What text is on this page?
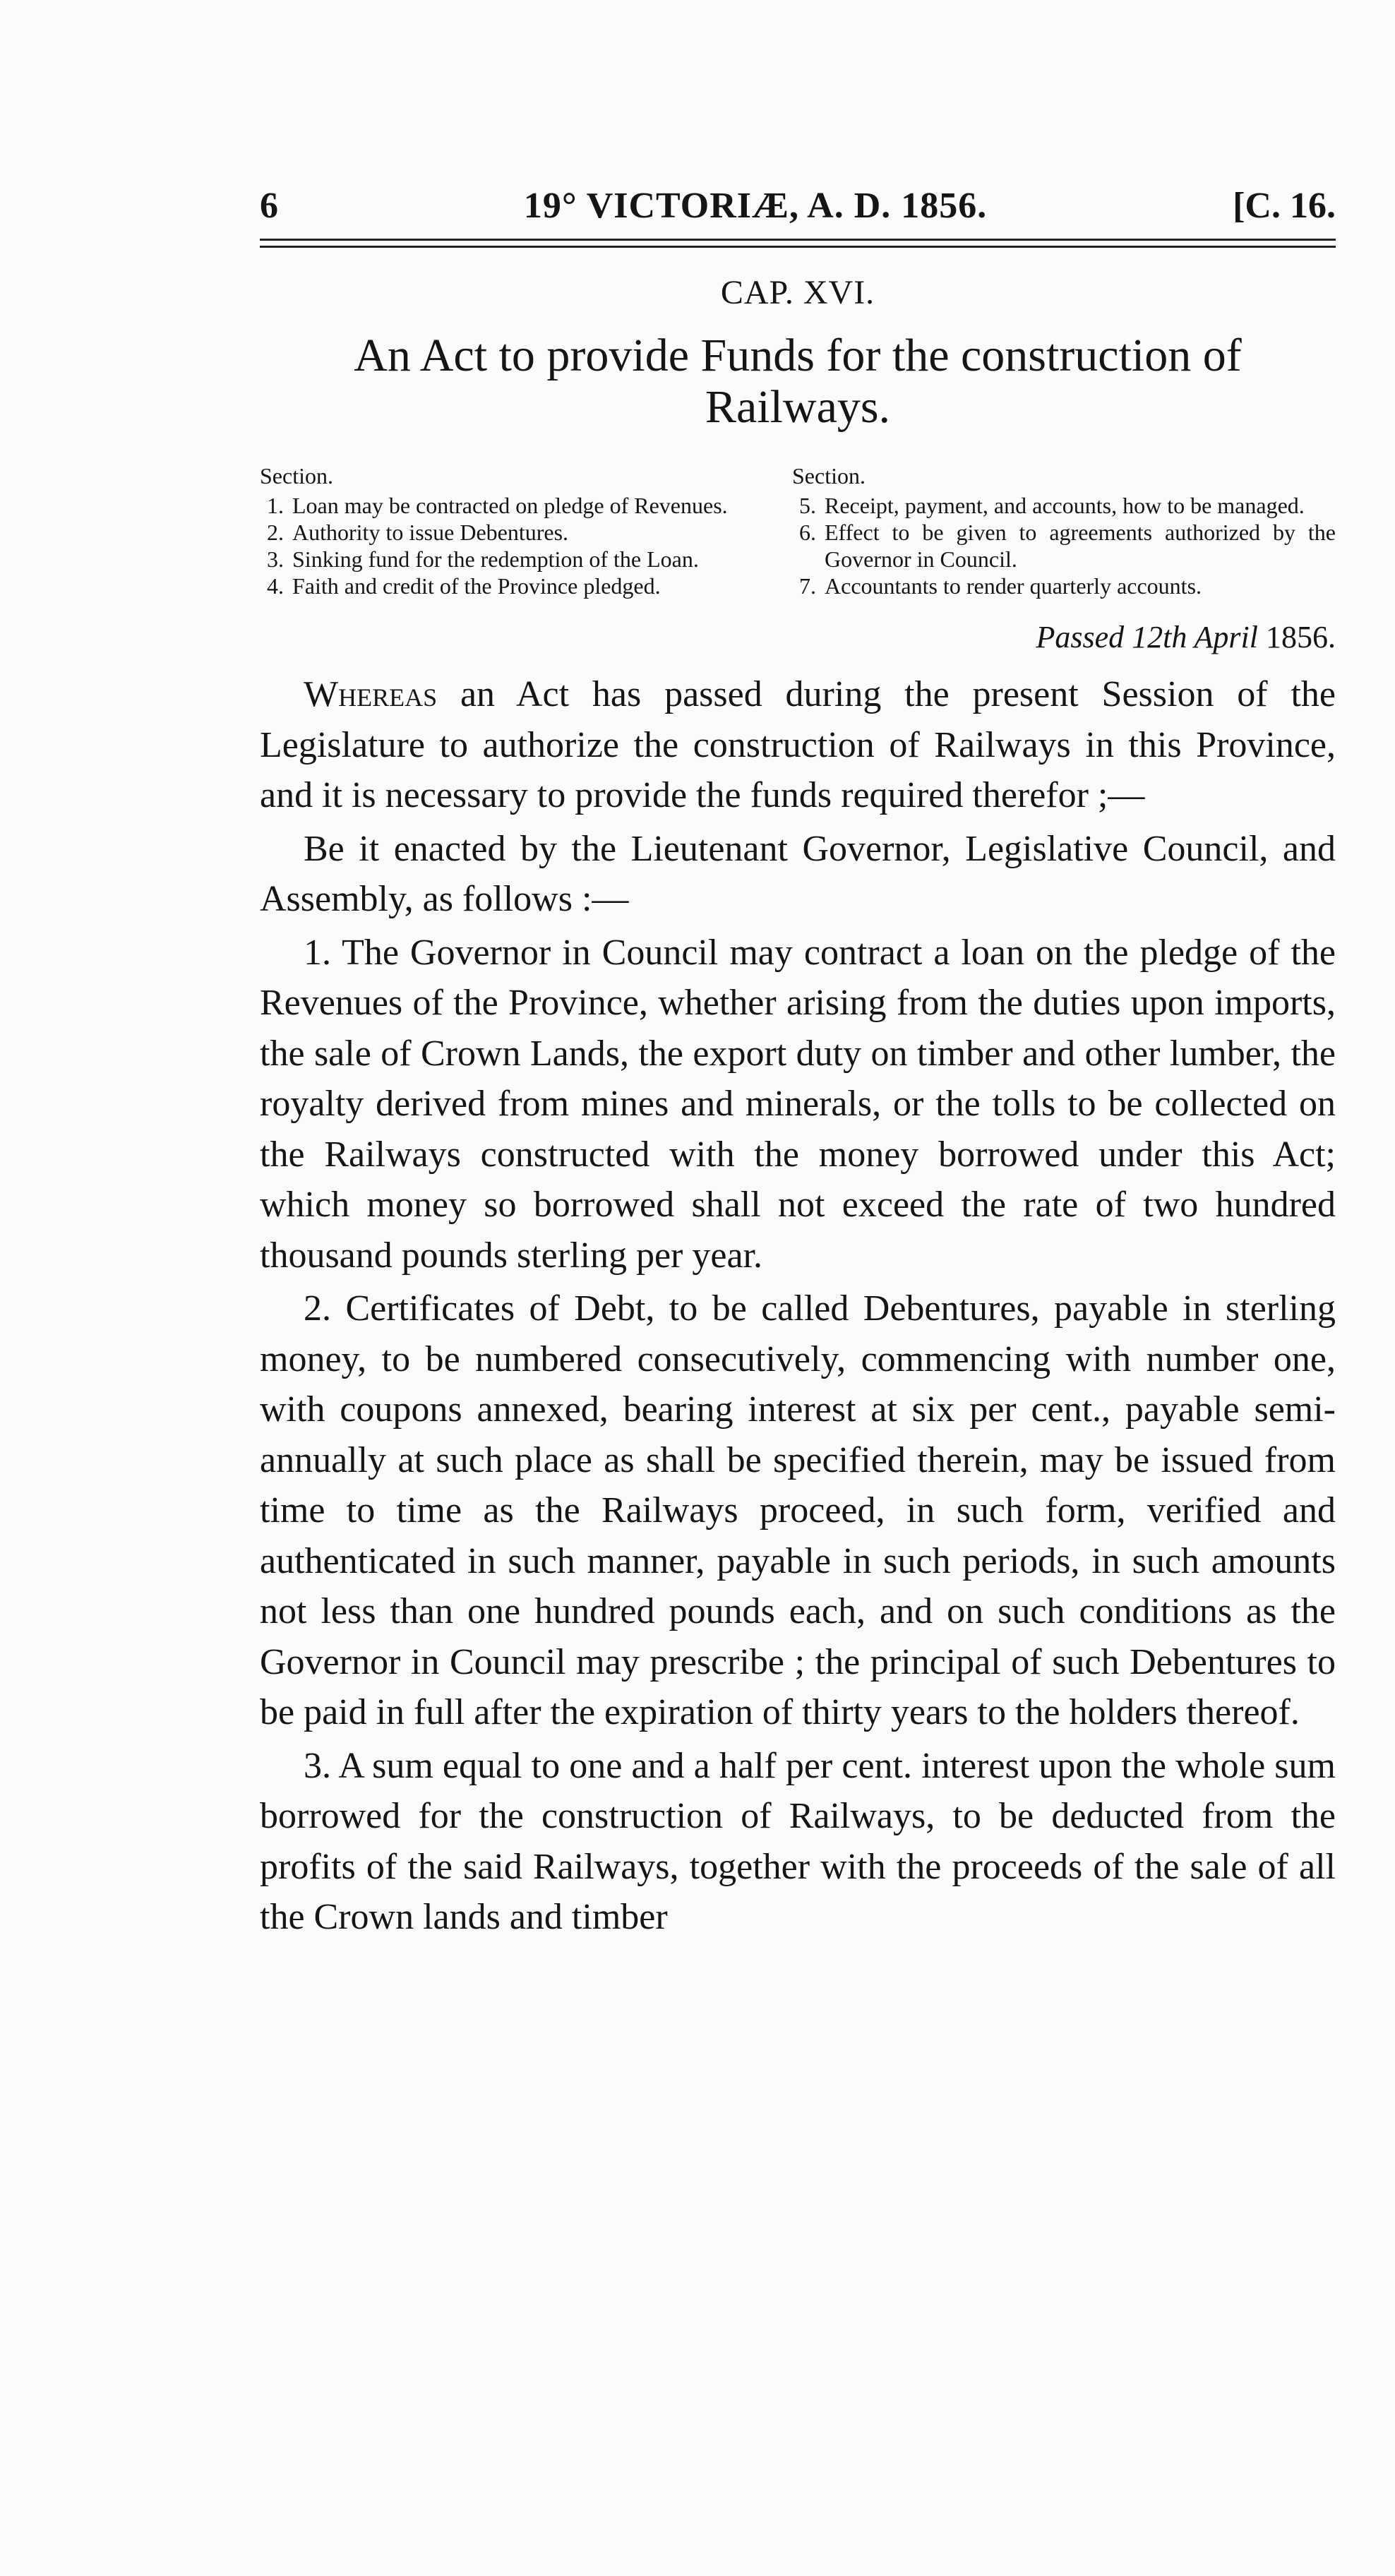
6	19° VICTORIÆ, A. D. 1856.	[C. 16.
CAP. XVI.
An Act to provide Funds for the construction of Railways.
Section.
1. Loan may be contracted on pledge of Revenues.
2. Authority to issue Debentures.
3. Sinking fund for the redemption of the Loan.
4. Faith and credit of the Province pledged.
Section.
5. Receipt, payment, and accounts, how to be managed.
6. Effect to be given to agreements authorized by the Governor in Council.
7. Accountants to render quarterly accounts.
Passed 12th April 1856.

Whereas an Act has passed during the present Session of the Legislature to authorize the construction of Railways in this Province, and it is necessary to provide the funds required therefor ;—

Be it enacted by the Lieutenant Governor, Legislative Council, and Assembly, as follows :—

1. The Governor in Council may contract a loan on the pledge of the Revenues of the Province, whether arising from the duties upon imports, the sale of Crown Lands, the export duty on timber and other lumber, the royalty derived from mines and minerals, or the tolls to be collected on the Railways constructed with the money borrowed under this Act; which money so borrowed shall not exceed the rate of two hundred thousand pounds sterling per year.

2. Certificates of Debt, to be called Debentures, payable in sterling money, to be numbered consecutively, commencing with number one, with coupons annexed, bearing interest at six per cent., payable semi-annually at such place as shall be specified therein, may be issued from time to time as the Railways proceed, in such form, verified and authenticated in such manner, payable in such periods, in such amounts not less than one hundred pounds each, and on such conditions as the Governor in Council may prescribe ; the principal of such Debentures to be paid in full after the expiration of thirty years to the holders thereof.

3. A sum equal to one and a half per cent. interest upon the whole sum borrowed for the construction of Railways, to be deducted from the profits of the said Railways, together with the proceeds of the sale of all the Crown lands and timber
